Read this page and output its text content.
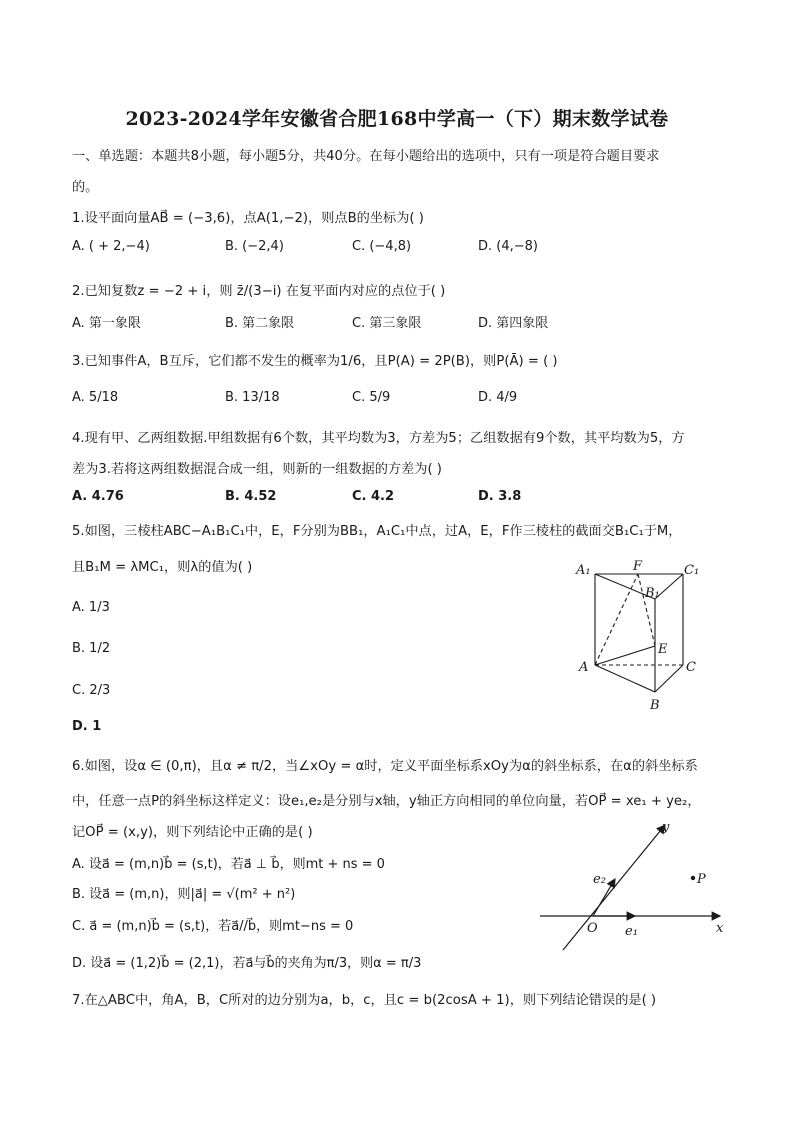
2023-2024学年安徽省合肥168中学高一（下）期末数学试卷
一、单选题：本题共8小题，每小题5分，共40分。在每小题给出的选项中，只有一项是符合题目要求
的。
1.设平面向量AB⃗ = (−3,6)，点A(1,−2)，则点B的坐标为( )
A. ( + 2,−4)	B. (−2,4)	C. (−4,8)	D. (4,−8)
2.已知复数z = −2 + i，则 z̄/(3−i) 在复平面内对应的点位于( )
A. 第一象限	B. 第二象限	C. 第三象限	D. 第四象限
3.已知事件A，B互斥，它们都不发生的概率为1/6，且P(A) = 2P(B)，则P(Ā) = ( )
A. 5/18	B. 13/18	C. 5/9	D. 4/9
4.现有甲、乙两组数据.甲组数据有6个数，其平均数为3，方差为5；乙组数据有9个数，其平均数为5，方
差为3.若将这两组数据混合成一组，则新的一组数据的方差为( )
A. 4.76	B. 4.52	C. 4.2	D. 3.8
5.如图，三棱柱ABC−A₁B₁C₁中，E，F分别为BB₁，A₁C₁中点，过A，E，F作三棱柱的截面交B₁C₁于M，
且B₁M = λMC₁，则λ的值为( )
A. 1/3
B. 1/2
C. 2/3
D. 1
A₁	F	C₁
B₁
E
A	C
B
6.如图，设α ∈ (0,π)，且α ≠ π/2，当∠xOy = α时，定义平面坐标系xOy为α的斜坐标系，在α的斜坐标系
中，任意一点P的斜坐标这样定义：设e₁,e₂是分别与x轴，y轴正方向相同的单位向量，若OP⃗ = xe₁ + ye₂，
记OP⃗ = (x,y)，则下列结论中正确的是( )
A. 设a⃗ = (m,n)b⃗ = (s,t)，若a⃗ ⊥ b⃗，则mt + ns = 0
B. 设a⃗ = (m,n)，则|a⃗| = √(m² + n²)
C. a⃗ = (m,n)b⃗ = (s,t)，若a⃗//b⃗，则mt−ns = 0
D. 设a⃗ = (1,2)b⃗ = (2,1)，若a⃗与b⃗的夹角为π/3，则α = π/3
y
e₂	P
O e₁	x
7.在△ABC中，角A，B，C所对的边分别为a，b，c，且c = b(2cosA + 1)，则下列结论错误的是( )
